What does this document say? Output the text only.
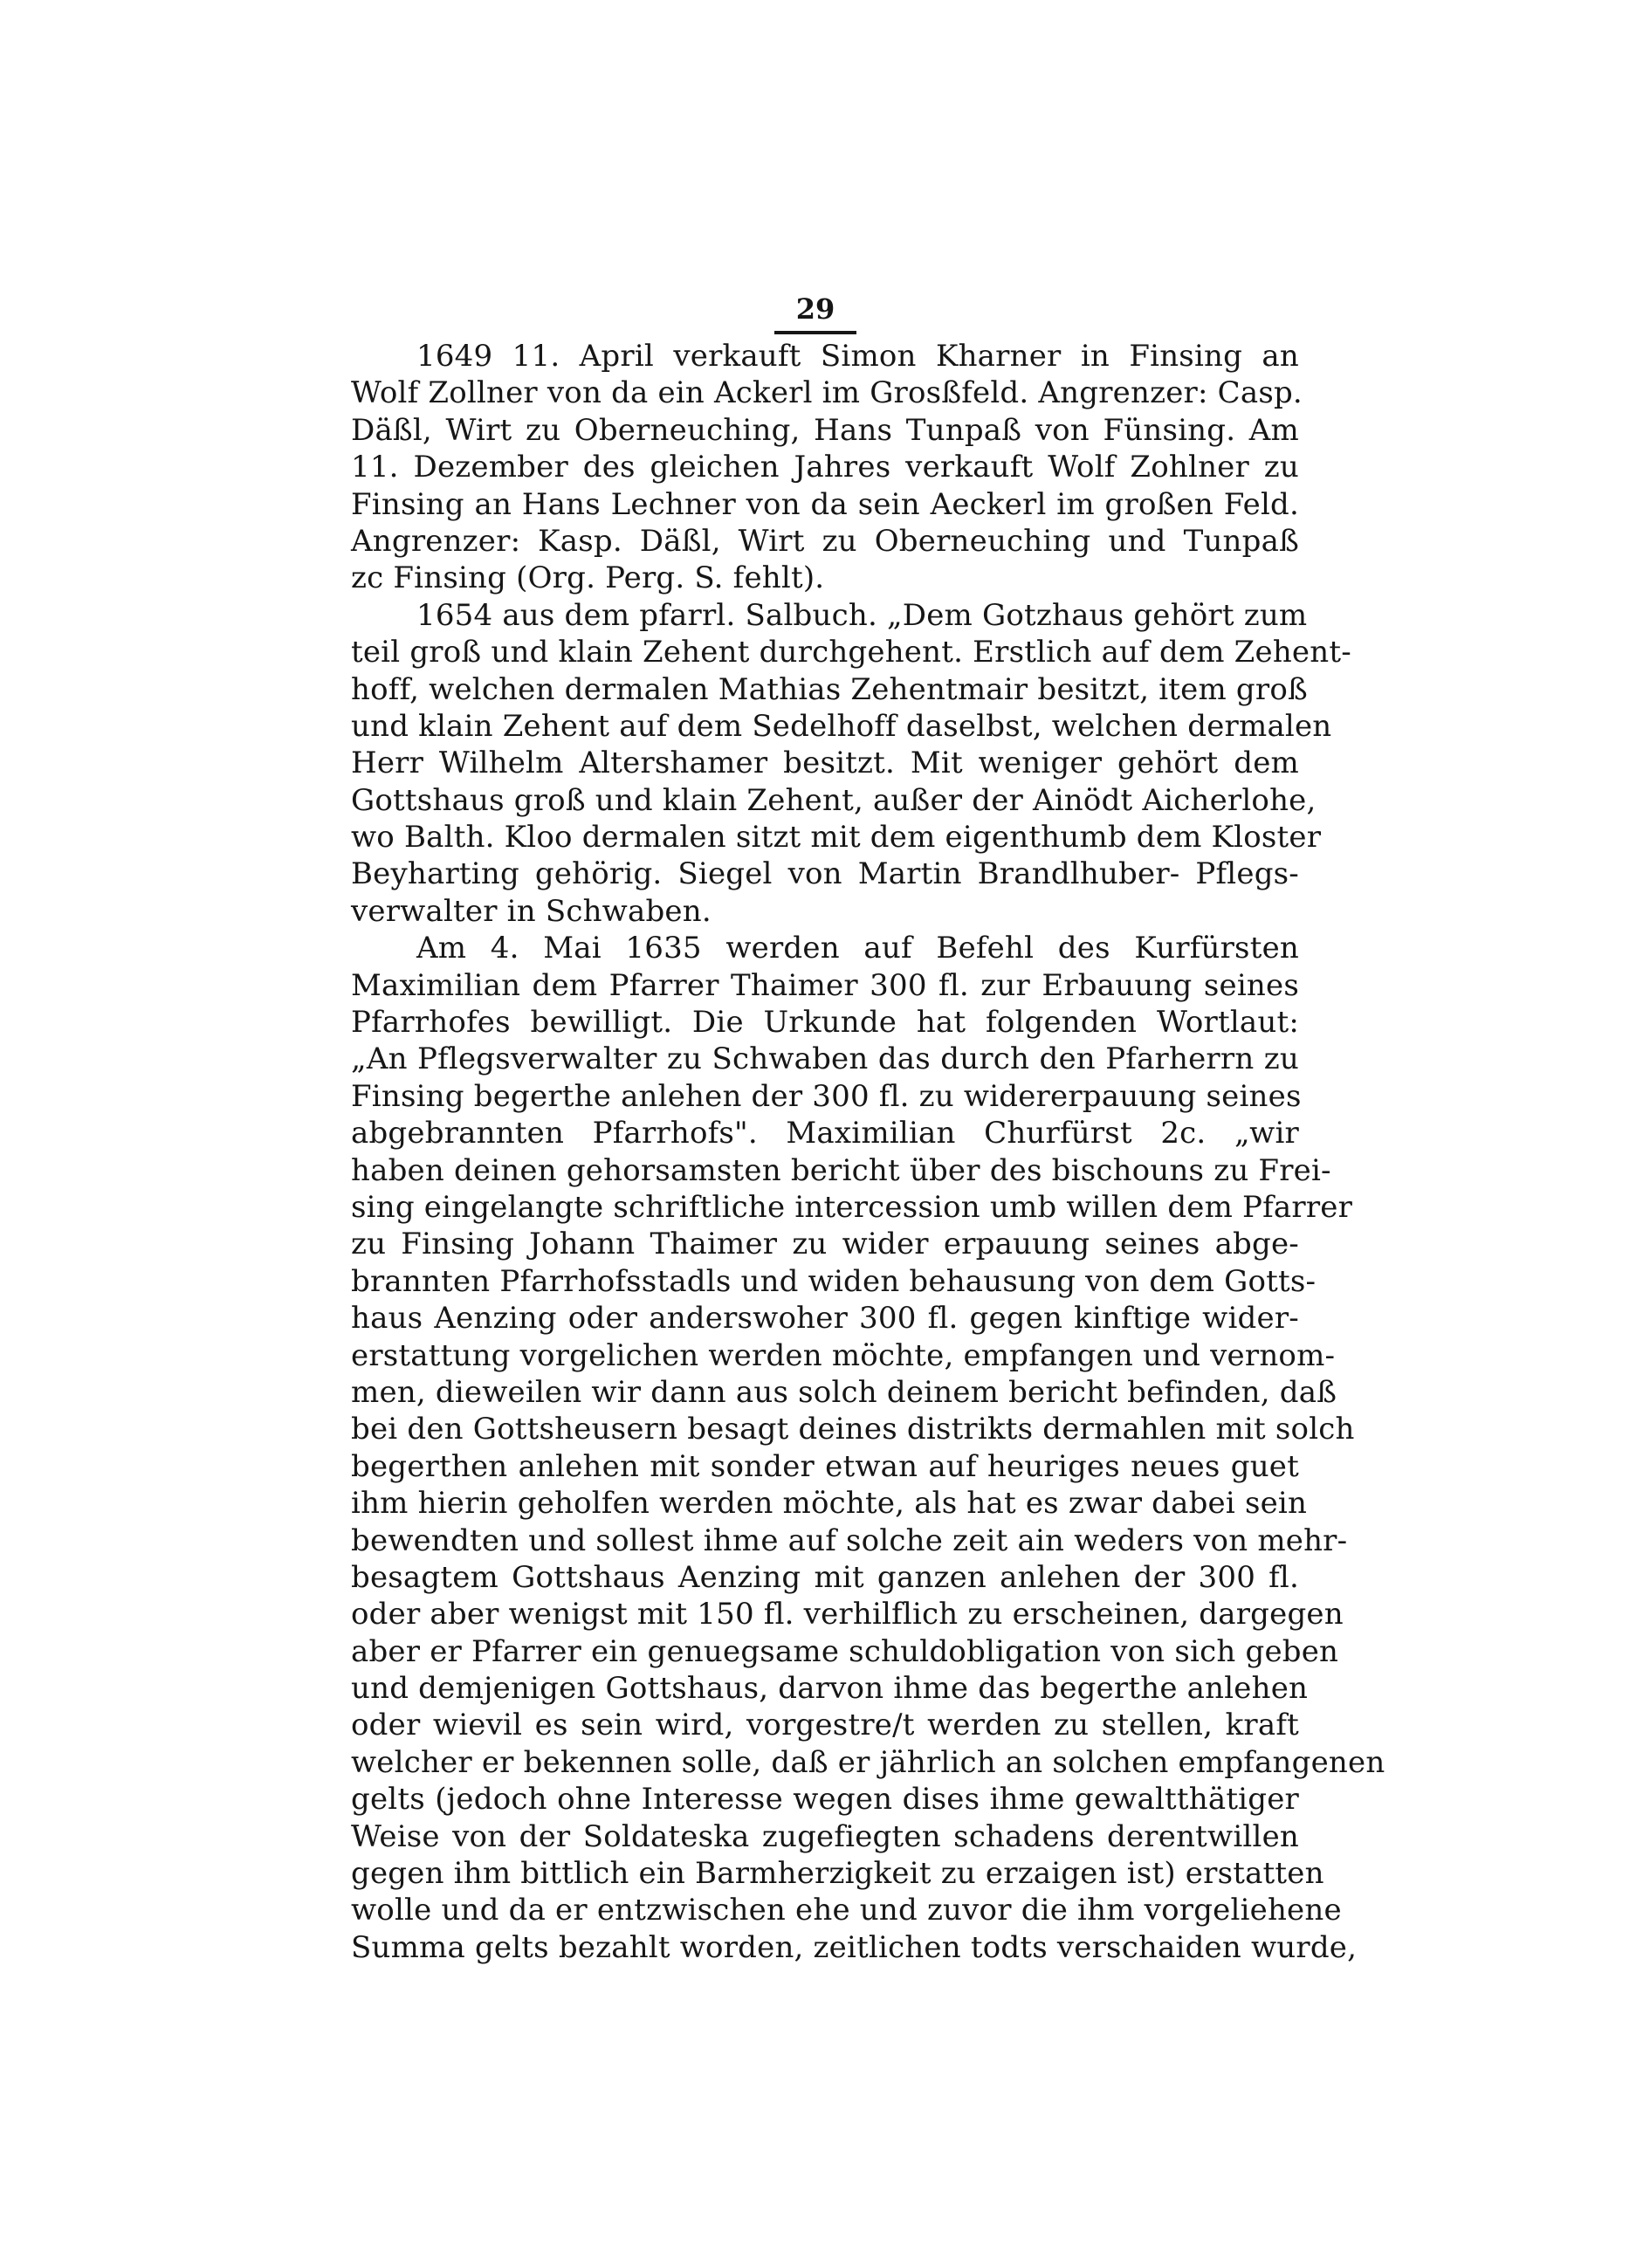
29

1649 11. April verkauft Simon Kharner in Finsing an
Wolf Zollner von da ein Ackerl im Grosßfeld. Angrenzer: Casp.
Däßl, Wirt zu Oberneuching, Hans Tunpaß von Fünsing. Am
11. Dezember des gleichen Jahres verkauft Wolf Zohlner zu
Finsing an Hans Lechner von da sein Aeckerl im großen Feld.
Angrenzer: Kasp. Däßl, Wirt zu Oberneuching und Tunpaß
zc Finsing (Org. Perg. S. fehlt).

1654 aus dem pfarrl. Salbuch. „Dem Gotzhaus gehört zum
teil groß und klain Zehent durchgehent. Erstlich auf dem Zehent-
hoff, welchen dermalen Mathias Zehentmair besitzt, item groß
und klain Zehent auf dem Sedelhoff daselbst, welchen dermalen
Herr Wilhelm Altershamer besitzt. Mit weniger gehört dem
Gottshaus groß und klain Zehent, außer der Ainödt Aicherlohe,
wo Balth. Kloo dermalen sitzt mit dem eigenthumb dem Kloster
Beyharting gehörig. Siegel von Martin Brandlhuber- Pflegs-
verwalter in Schwaben.

Am 4. Mai 1635 werden auf Befehl des Kurfürsten
Maximilian dem Pfarrer Thaimer 300 fl. zur Erbauung seines
Pfarrhofes bewilligt. Die Urkunde hat folgenden Wortlaut:
„An Pflegsverwalter zu Schwaben das durch den Pfarherrn zu
Finsing begerthe anlehen der 300 fl. zu widererpauung seines
abgebrannten Pfarrhofs". Maximilian Churfürst 2c. „wir
haben deinen gehorsamsten bericht über des bischouns zu Frei-
sing eingelangte schriftliche intercession umb willen dem Pfarrer
zu Finsing Johann Thaimer zu wider erpauung seines abge-
brannten Pfarrhofsstadls und widen behausung von dem Gotts-
haus Aenzing oder anderswoher 300 fl. gegen kinftige wider-
erstattung vorgelichen werden möchte, empfangen und vernom-
men, dieweilen wir dann aus solch deinem bericht befinden, daß
bei den Gottsheusern besagt deines distrikts dermahlen mit solch
begerthen anlehen mit sonder etwan auf heuriges neues guet
ihm hierin geholfen werden möchte, als hat es zwar dabei sein
bewendten und sollest ihme auf solche zeit ain weders von mehr-
besagtem Gottshaus Aenzing mit ganzen anlehen der 300 fl.
oder aber wenigst mit 150 fl. verhilflich zu erscheinen, dargegen
aber er Pfarrer ein genuegsame schuldobligation von sich geben
und demjenigen Gottshaus, darvon ihme das begerthe anlehen
oder wievil es sein wird, vorgestre/t werden zu stellen, kraft
welcher er bekennen solle, daß er jährlich an solchen empfangenen
gelts (jedoch ohne Interesse wegen dises ihme gewaltthätiger
Weise von der Soldateska zugefiegten schadens derentwillen
gegen ihm bittlich ein Barmherzigkeit zu erzaigen ist) erstatten
wolle und da er entzwischen ehe und zuvor die ihm vorgeliehene
Summa gelts bezahlt worden, zeitlichen todts verschaiden wurde,
